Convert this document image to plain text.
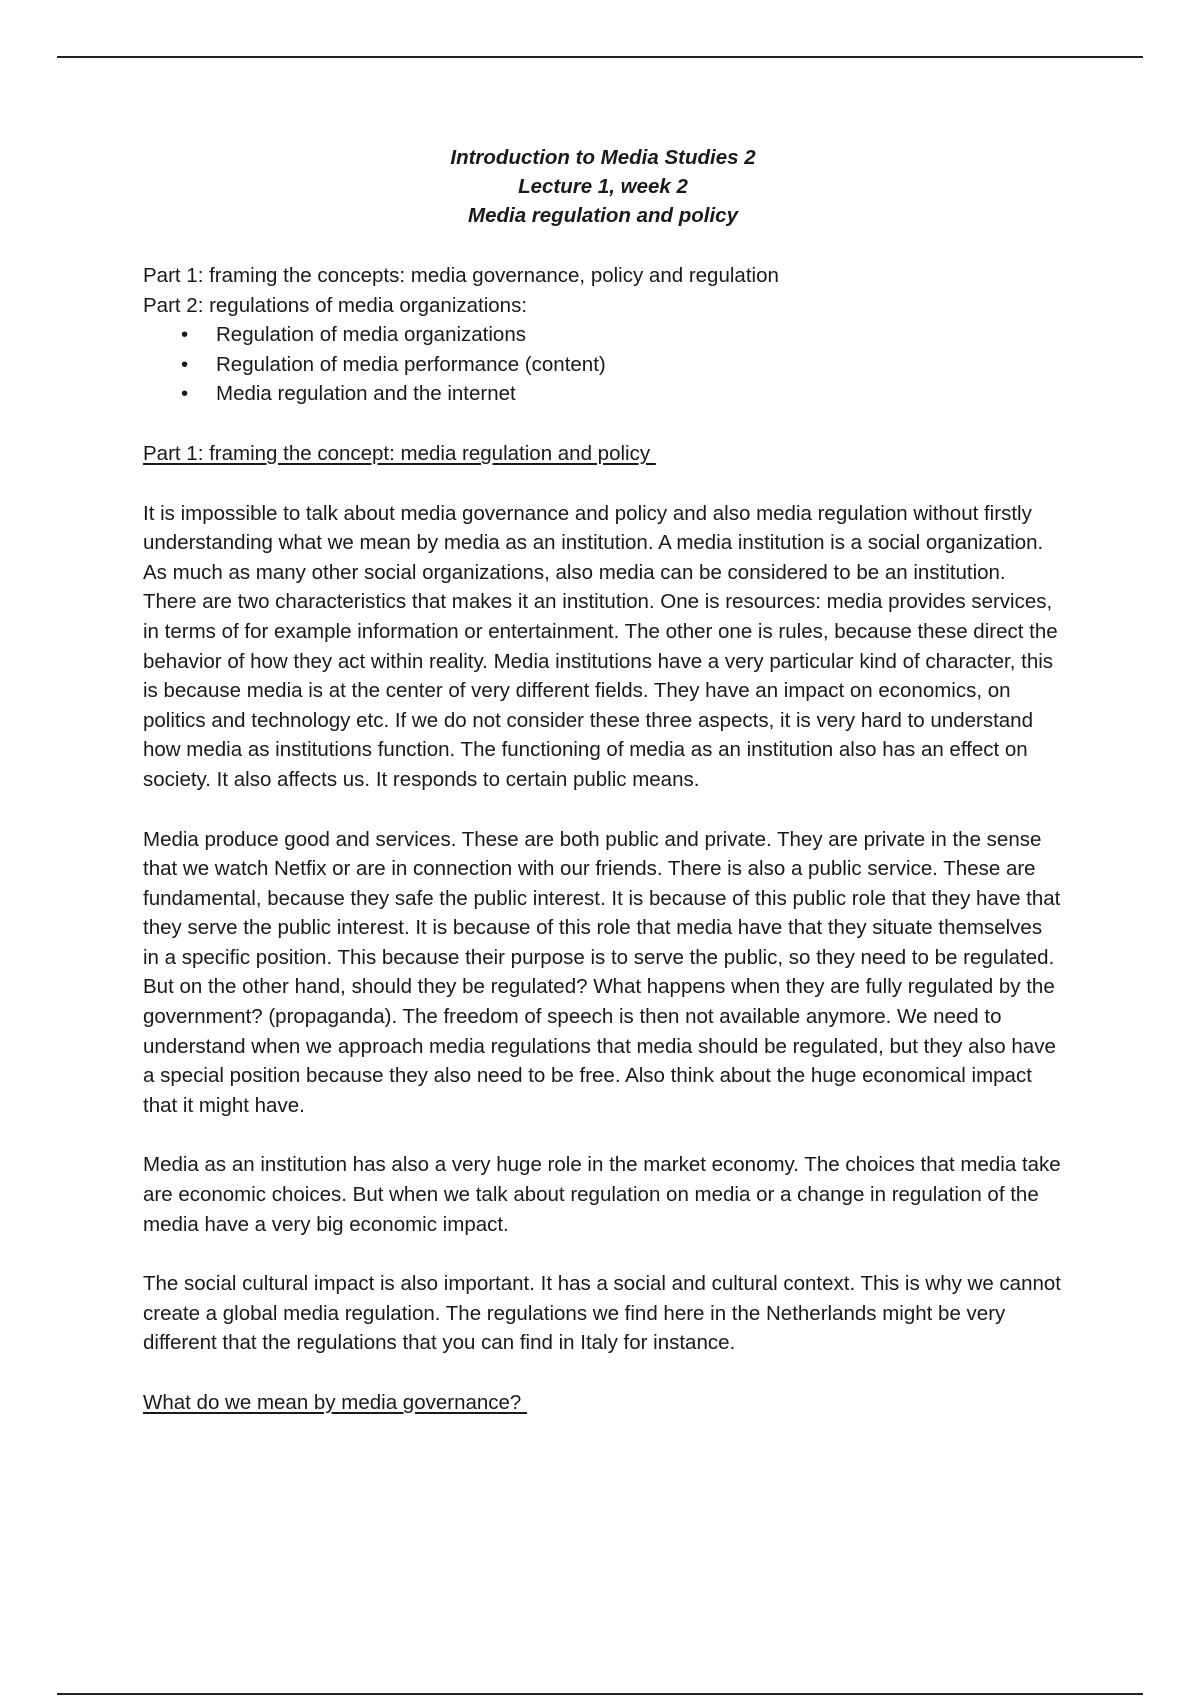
Introduction to Media Studies 2
Lecture 1, week 2
Media regulation and policy
Part 1: framing the concepts: media governance, policy and regulation
Part 2: regulations of media organizations:
• Regulation of media organizations
• Regulation of media performance (content)
• Media regulation and the internet
Part 1: framing the concept: media regulation and policy

It is impossible to talk about media governance and policy and also media regulation without firstly understanding what we mean by media as an institution. A media institution is a social organization. As much as many other social organizations, also media can be considered to be an institution. There are two characteristics that makes it an institution. One is resources: media provides services, in terms of for example information or entertainment. The other one is rules, because these direct the behavior of how they act within reality. Media institutions have a very particular kind of character, this is because media is at the center of very different fields. They have an impact on economics, on politics and technology etc. If we do not consider these three aspects, it is very hard to understand how media as institutions function. The functioning of media as an institution also has an effect on society. It also affects us. It responds to certain public means.

Media produce good and services. These are both public and private. They are private in the sense that we watch Netfix or are in connection with our friends. There is also a public service. These are fundamental, because they safe the public interest. It is because of this public role that they have that they serve the public interest. It is because of this role that media have that they situate themselves in a specific position. This because their purpose is to serve the public, so they need to be regulated. But on the other hand, should they be regulated? What happens when they are fully regulated by the government? (propaganda). The freedom of speech is then not available anymore. We need to understand when we approach media regulations that media should be regulated, but they also have a special position because they also need to be free. Also think about the huge economical impact that it might have.

Media as an institution has also a very huge role in the market economy. The choices that media take are economic choices. But when we talk about regulation on media or a change in regulation of the media have a very big economic impact.

The social cultural impact is also important. It has a social and cultural context. This is why we cannot create a global media regulation. The regulations we find here in the Netherlands might be very different that the regulations that you can find in Italy for instance.

What do we mean by media governance?
